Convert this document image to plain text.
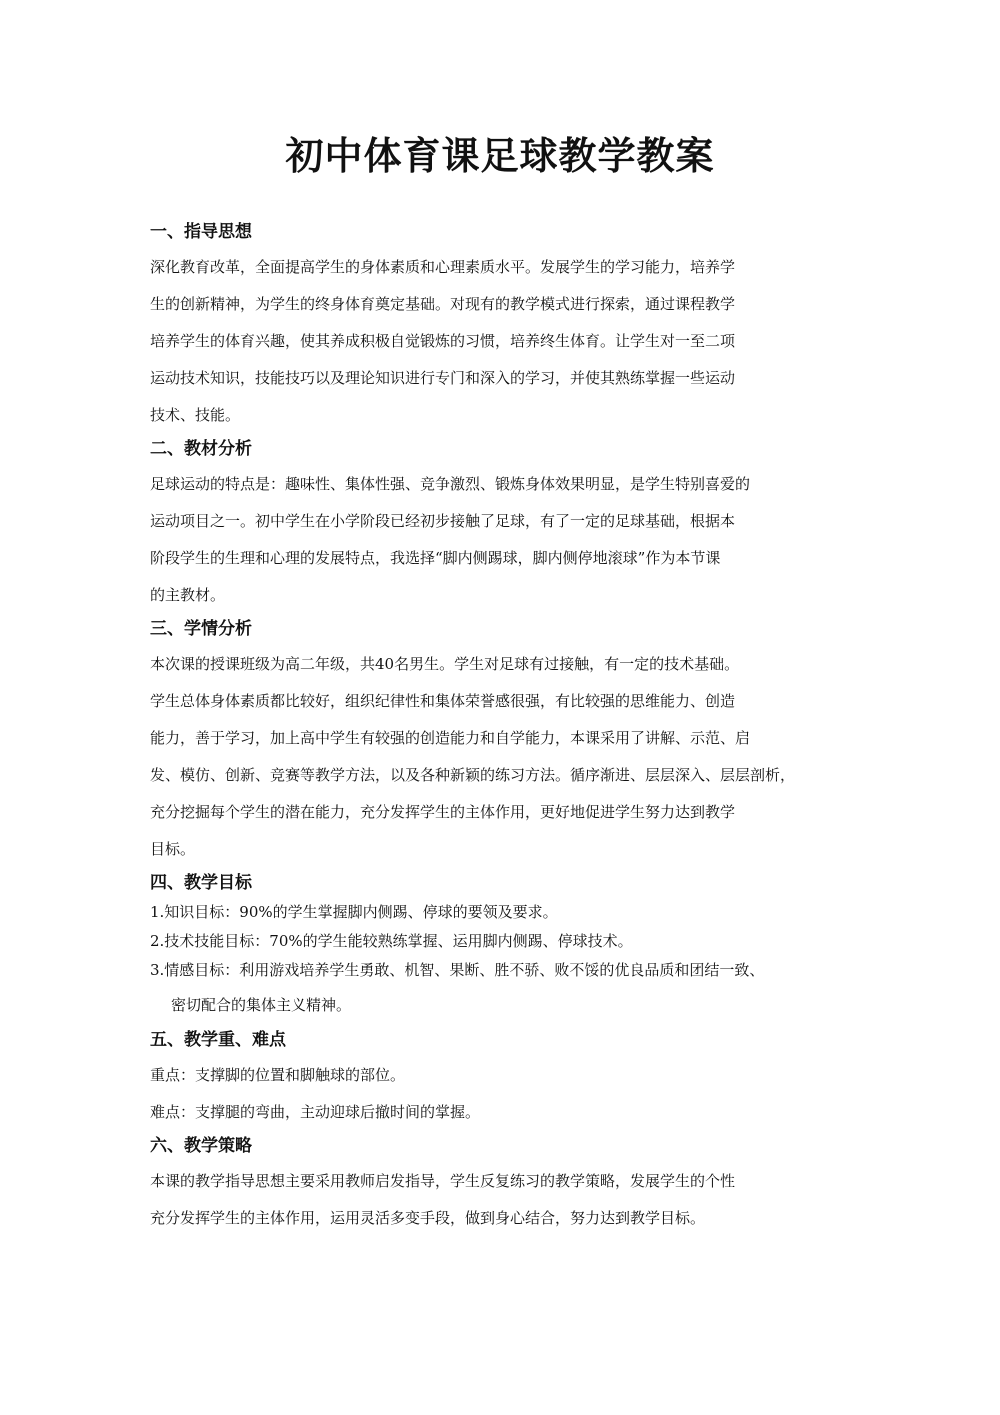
初中体育课足球教学教案
一、指导思想

深化教育改革，全面提高学生的身体素质和心理素质水平。发展学生的学习能力，培养学

生的创新精神，为学生的终身体育奠定基础。对现有的教学模式进行探索，通过课程教学

培养学生的体育兴趣，使其养成积极自觉锻炼的习惯，培养终生体育。让学生对一至二项

运动技术知识，技能技巧以及理论知识进行专门和深入的学习，并使其熟练掌握一些运动

技术、技能。

二、教材分析

足球运动的特点是：趣味性、集体性强、竞争激烈、锻炼身体效果明显，是学生特别喜爱的

运动项目之一。初中学生在小学阶段已经初步接触了足球，有了一定的足球基础，根据本

阶段学生的生理和心理的发展特点，我选择“脚内侧踢球，脚内侧停地滚球”作为本节课

的主教材。

三、学情分析

本次课的授课班级为高二年级，共40名男生。学生对足球有过接触，有一定的技术基础。

学生总体身体素质都比较好，组织纪律性和集体荣誉感很强，有比较强的思维能力、创造

能力，善于学习，加上高中学生有较强的创造能力和自学能力，本课采用了讲解、示范、启

发、模仿、创新、竞赛等教学方法，以及各种新颖的练习方法。循序渐进、层层深入、层层剖析，

充分挖掘每个学生的潜在能力，充分发挥学生的主体作用，更好地促进学生努力达到教学

目标。

四、教学目标
1.知识目标：90%的学生掌握脚内侧踢、停球的要领及要求。
2.技术技能目标：70%的学生能较熟练掌握、运用脚内侧踢、停球技术。
3.情感目标：利用游戏培养学生勇敢、机智、果断、胜不骄、败不馁的优良品质和团结一致、
密切配合的集体主义精神。
五、教学重、难点

重点：支撑脚的位置和脚触球的部位。

难点：支撑腿的弯曲，主动迎球后撤时间的掌握。

六、教学策略

本课的教学指导思想主要采用教师启发指导，学生反复练习的教学策略，发展学生的个性

充分发挥学生的主体作用，运用灵活多变手段，做到身心结合，努力达到教学目标。
